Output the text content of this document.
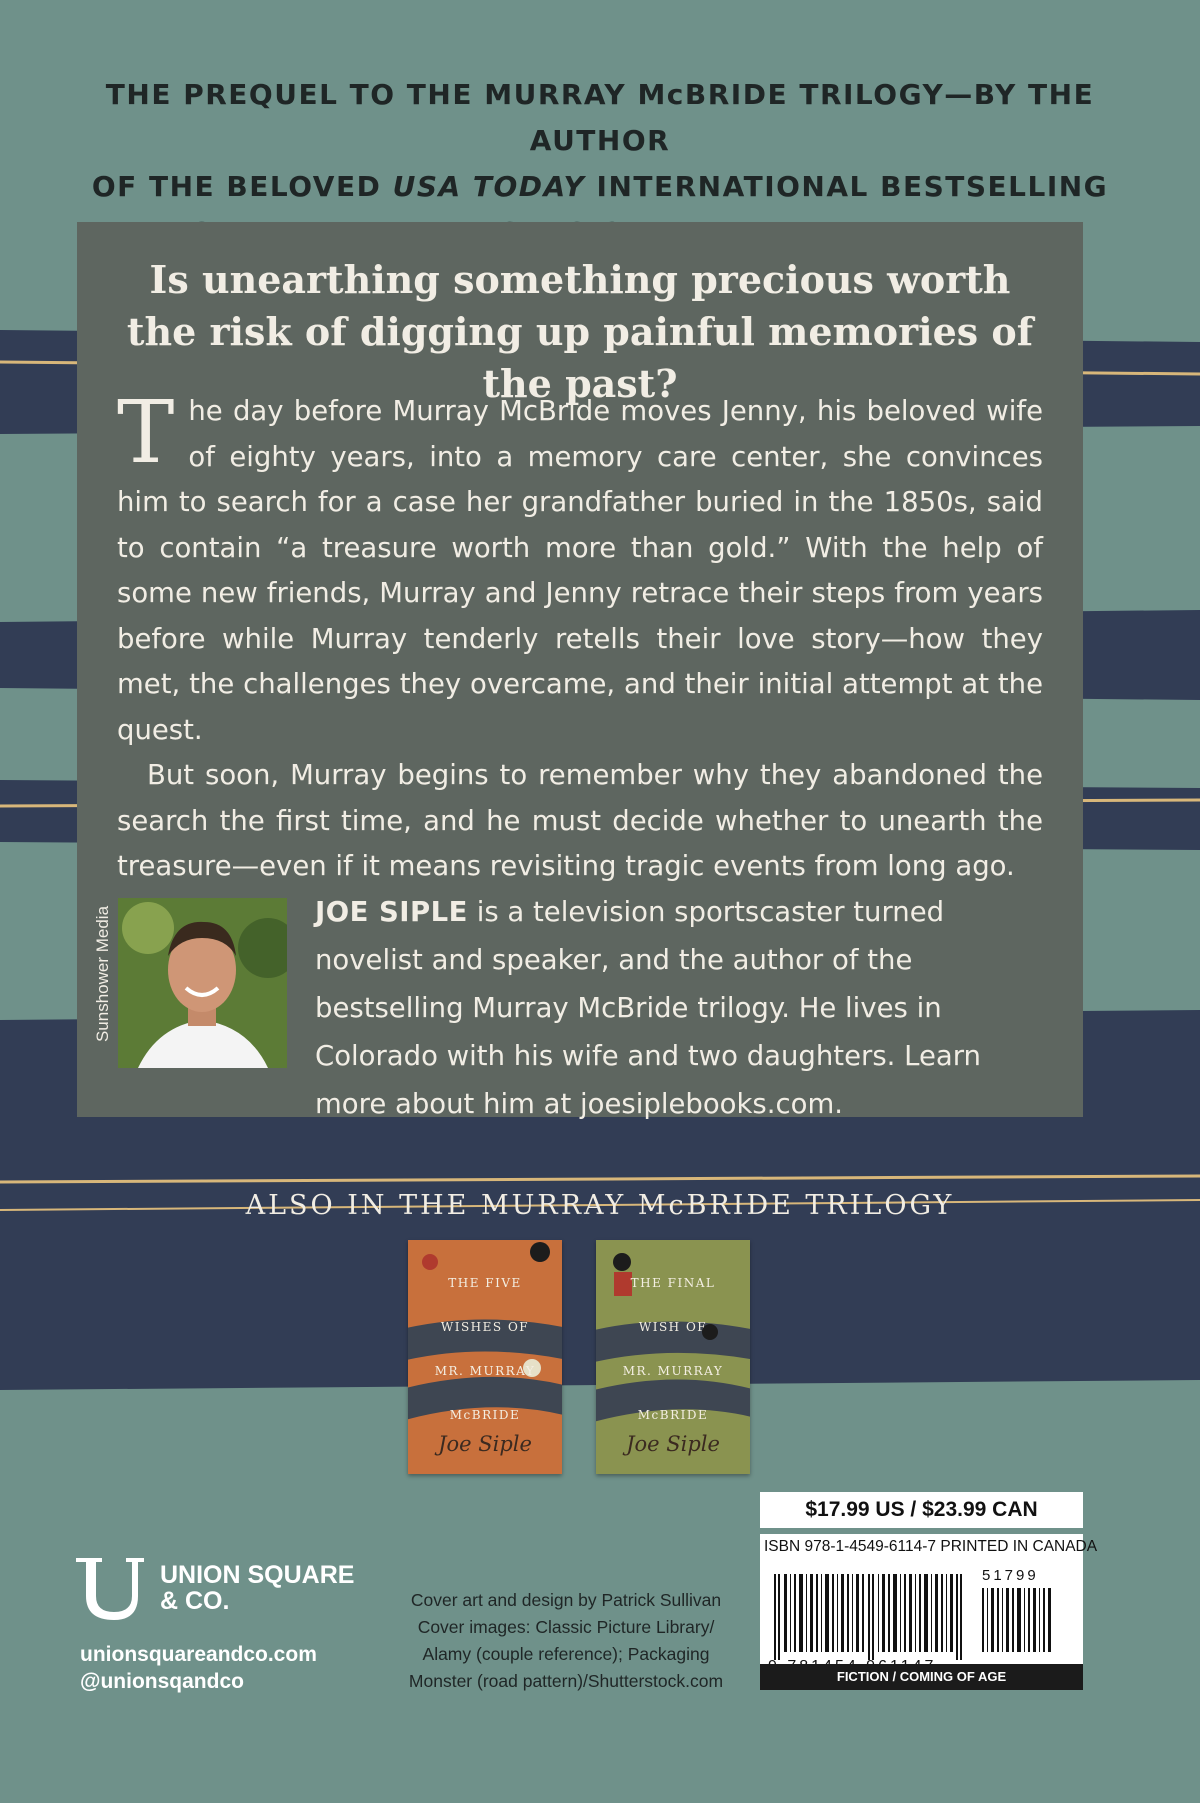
THE PREQUEL TO THE MURRAY McBRIDE TRILOGY—BY THE AUTHOR
OF THE BELOVED USA TODAY INTERNATIONAL BESTSELLING
Is unearthing something precious worth the risk of digging up painful memories of the past?

The day before Murray McBride moves Jenny, his beloved wife of eighty years, into a memory care center, she convinces him to search for a case her grandfather buried in the 1850s, said to contain “a treasure worth more than gold.” With the help of some new friends, Murray and Jenny retrace their steps from years before while Murray tenderly retells their love story—how they met, the challenges they overcame, and their initial attempt at the quest.

But soon, Murray begins to remember why they abandoned the search the first time, and he must decide whether to unearth the treasure—even if it means revisiting tragic events from long ago.

Sunshower Media	JOE SIPLE is a television sportscaster turned novelist and speaker, and the author of the bestselling Murray McBride trilogy. He lives in Colorado with his wife and two daughters. Learn more about him at joesiplebooks.com.
ALSO IN THE MURRAY McBRIDE TRILOGY
THE FIVE
WISHES OF
MR. MURRAY
McBRIDE
Joe Siple
THE FINAL
WISH OF
MR. MURRAY
McBRIDE
Joe Siple
UNION SQUARE
& CO.
unionsquareandco.com
@unionsqandco
Cover art and design by Patrick Sullivan
Cover images: Classic Picture Library/
Alamy (couple reference); Packaging
Monster (road pattern)/Shutterstock.com
$17.99 US / $23.99 CAN
ISBN 978-1-4549-6114-7 PRINTED IN CANADA
51799
FICTION / COMING OF AGE
